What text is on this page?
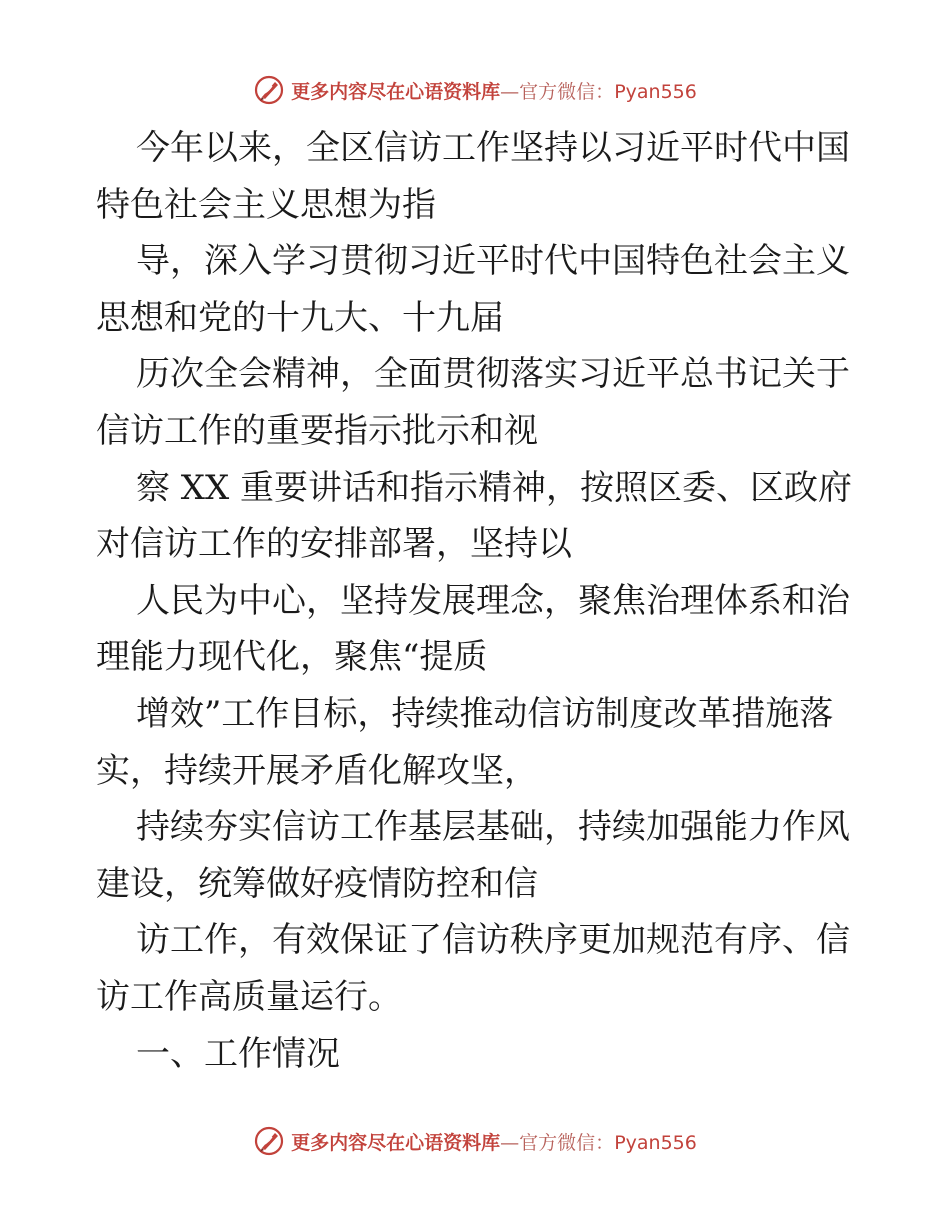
更多内容尽在心语资料库 —官方微信： Pyan556

今年以来，全区信访工作坚持以习近平时代中国
特色社会主义思想为指

导，深入学习贯彻习近平时代中国特色社会主义
思想和党的十九大、十九届

历次全会精神，全面贯彻落实习近平总书记关于
信访工作的重要指示批示和视

察 XX 重要讲话和指示精神，按照区委、区政府
对信访工作的安排部署，坚持以

人民为中心，坚持发展理念，聚焦治理体系和治
理能力现代化，聚焦“提质

增效”工作目标，持续推动信访制度改革措施落
实，持续开展矛盾化解攻坚，

持续夯实信访工作基层基础，持续加强能力作风
建设，统筹做好疫情防控和信

访工作，有效保证了信访秩序更加规范有序、信
访工作高质量运行。

一、工作情况

更多内容尽在心语资料库 —官方微信： Pyan556
